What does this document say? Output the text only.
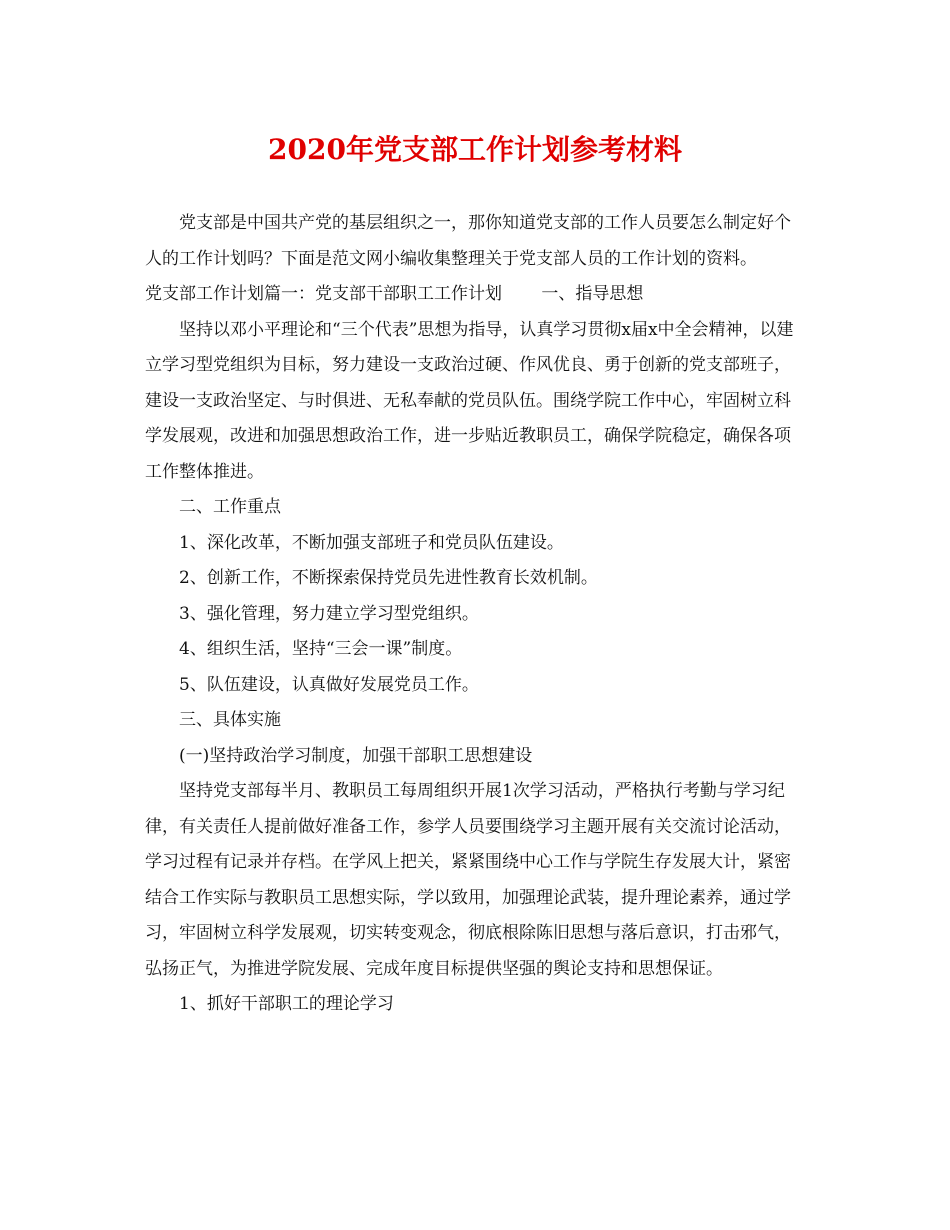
2020年党支部工作计划参考材料

党支部是中国共产党的基层组织之一，那你知道党支部的工作人员要怎么制定好个人的工作计划吗？下面是范文网小编收集整理关于党支部人员的工作计划的资料。

党支部工作计划篇一：党支部干部职工工作计划　　 一、指导思想

坚持以邓小平理论和“三个代表”思想为指导，认真学习贯彻x届x中全会精神，以建立学习型党组织为目标，努力建设一支政治过硬、作风优良、勇于创新的党支部班子，建设一支政治坚定、与时俱进、无私奉献的党员队伍。围绕学院工作中心，牢固树立科学发展观，改进和加强思想政治工作，进一步贴近教职员工，确保学院稳定，确保各项工作整体推进。

二、工作重点

1、深化改革，不断加强支部班子和党员队伍建设。

2、创新工作，不断探索保持党员先进性教育长效机制。

3、强化管理，努力建立学习型党组织。

4、组织生活，坚持“三会一课”制度。

5、队伍建设，认真做好发展党员工作。

三、具体实施

(一)坚持政治学习制度，加强干部职工思想建设

坚持党支部每半月、教职员工每周组织开展1次学习活动，严格执行考勤与学习纪律，有关责任人提前做好准备工作，参学人员要围绕学习主题开展有关交流讨论活动，学习过程有记录并存档。在学风上把关，紧紧围绕中心工作与学院生存发展大计，紧密结合工作实际与教职员工思想实际，学以致用，加强理论武装，提升理论素养，通过学习，牢固树立科学发展观，切实转变观念，彻底根除陈旧思想与落后意识，打击邪气，弘扬正气，为推进学院发展、完成年度目标提供坚强的舆论支持和思想保证。

1、抓好干部职工的理论学习
